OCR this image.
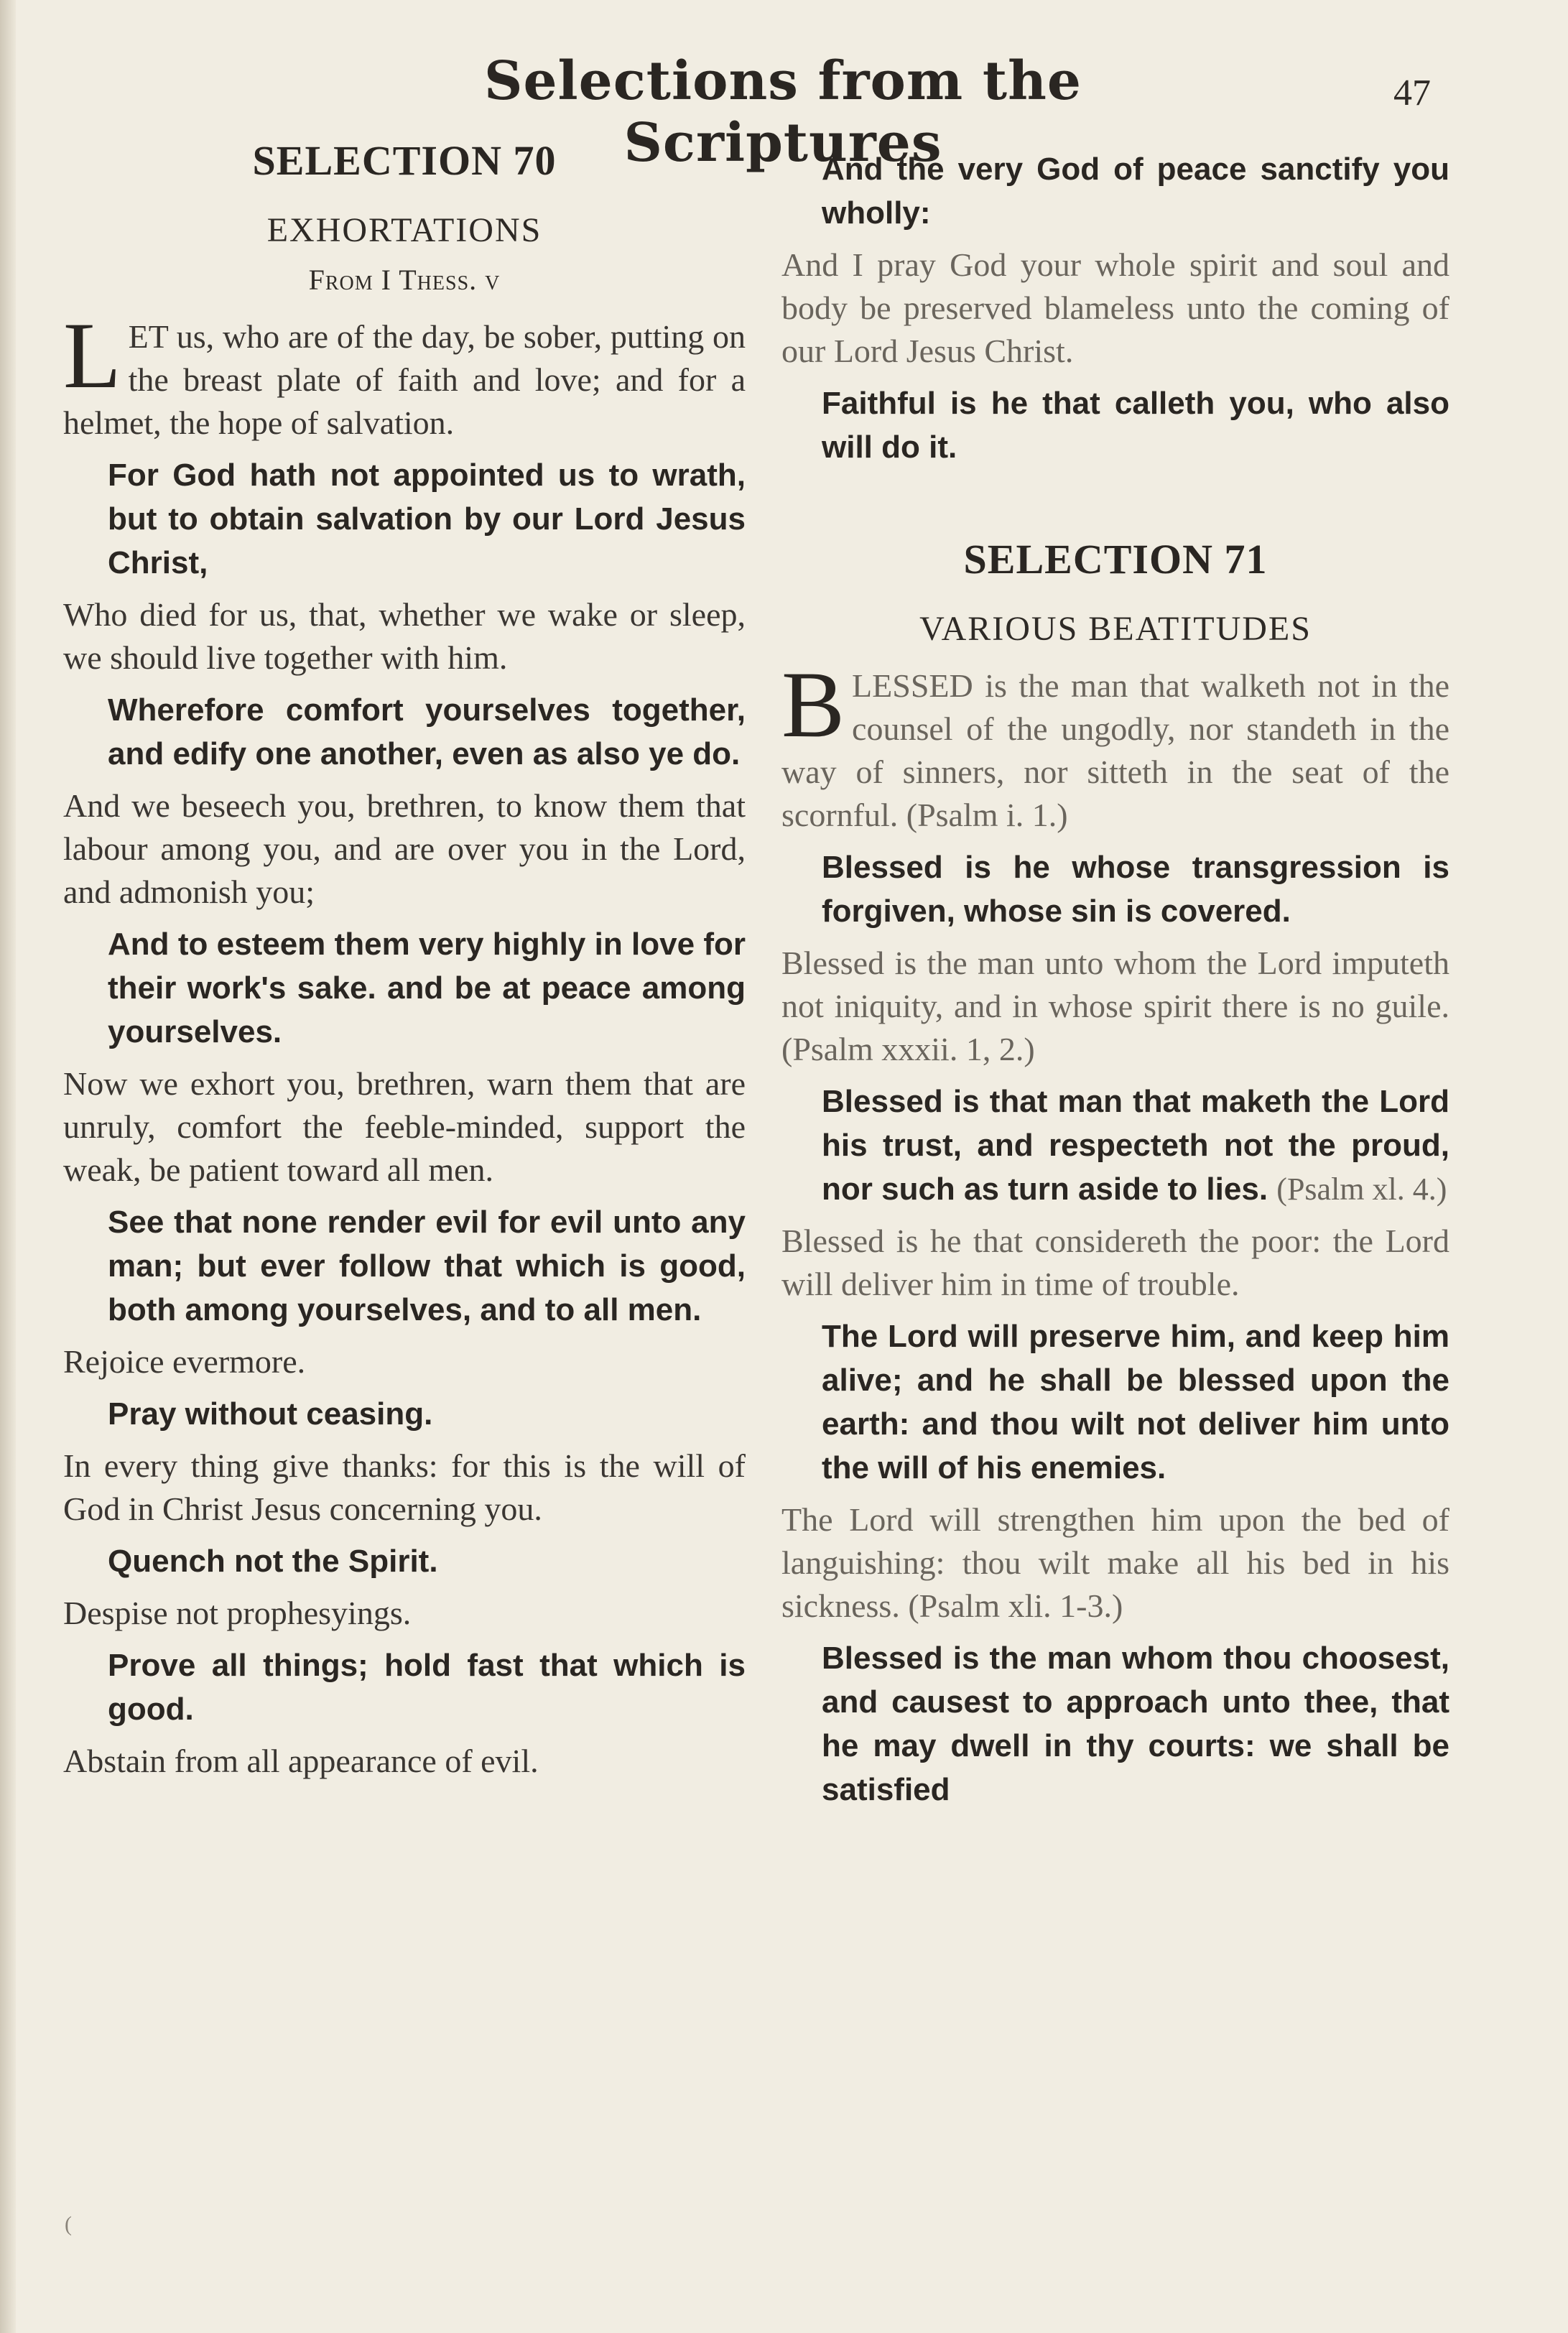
Selections from the Scriptures
47
SELECTION 70
EXHORTATIONS
From I Thess. v

LET us, who are of the day, be sober, putting on the breast plate of faith and love; and for a helmet, the hope of salvation.

For God hath not appointed us to wrath, but to obtain salvation by our Lord Jesus Christ,

Who died for us, that, whether we wake or sleep, we should live together with him.

Wherefore comfort yourselves together, and edify one another, even as also ye do.

And we beseech you, brethren, to know them that labour among you, and are over you in the Lord, and admonish you;

And to esteem them very highly in love for their work's sake. and be at peace among yourselves.

Now we exhort you, brethren, warn them that are unruly, comfort the feeble-minded, support the weak, be patient toward all men.

See that none render evil for evil unto any man; but ever follow that which is good, both among yourselves, and to all men.

Rejoice evermore.

Pray without ceasing.

In every thing give thanks: for this is the will of God in Christ Jesus concerning you.

Quench not the Spirit.

Despise not prophesyings.

Prove all things; hold fast that which is good.

Abstain from all appearance of evil.

And the very God of peace sanctify you wholly:

And I pray God your whole spirit and soul and body be preserved blameless unto the coming of our Lord Jesus Christ.

Faithful is he that calleth you, who also will do it.

SELECTION 71
VARIOUS BEATITUDES

BLESSED is the man that walketh not in the counsel of the ungodly, nor standeth in the way of sinners, nor sitteth in the seat of the scornful. (Psalm i. 1.)

Blessed is he whose transgression is forgiven, whose sin is covered.

Blessed is the man unto whom the Lord imputeth not iniquity, and in whose spirit there is no guile. (Psalm xxxii. 1, 2.)

Blessed is that man that maketh the Lord his trust, and respecteth not the proud, nor such as turn aside to lies. (Psalm xl. 4.)

Blessed is he that considereth the poor: the Lord will deliver him in time of trouble.

The Lord will preserve him, and keep him alive; and he shall be blessed upon the earth: and thou wilt not deliver him unto the will of his enemies.

The Lord will strengthen him upon the bed of languishing: thou wilt make all his bed in his sickness. (Psalm xli. 1-3.)

Blessed is the man whom thou choosest, and causest to approach unto thee, that he may dwell in thy courts: we shall be satisfied

(
